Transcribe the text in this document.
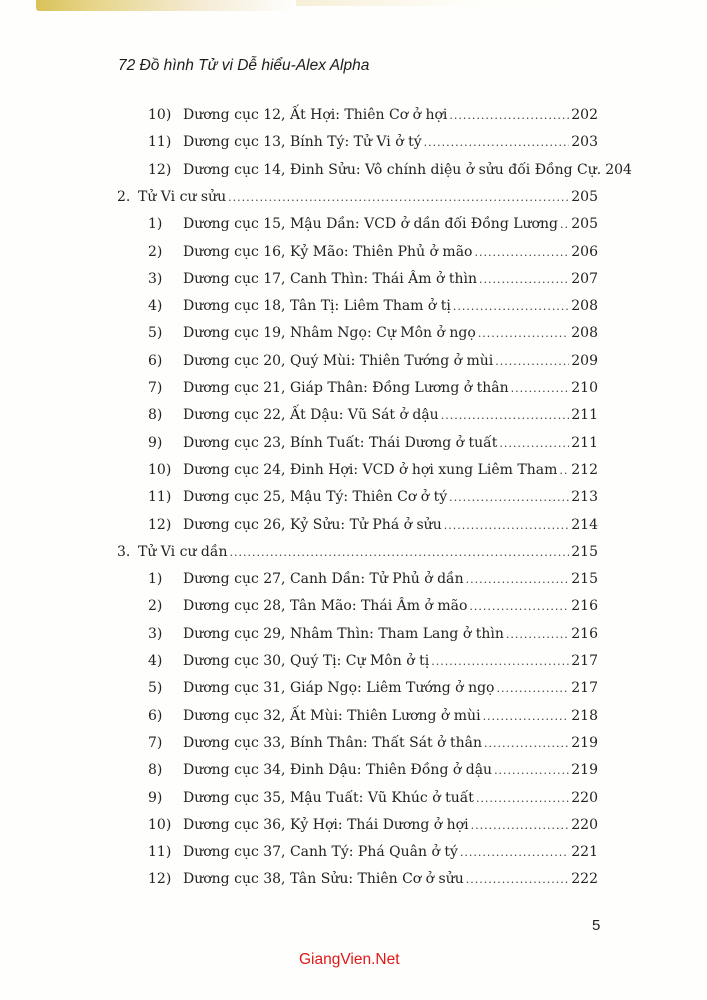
72 Đồ hình Tử vi Dễ hiểu-Alex Alpha
10) Dương cục 12, Ất Hợi: Thiên Cơ ở hợi .....	202
11) Dương cục 13, Bính Tý: Tử Vi ở tý .....	203
12) Dương cục 14, Đinh Sửu: Vô chính diệu ở sửu đối Đồng Cự. 204
2. Tử Vi cư sửu .....	205
1)	Dương cục 15, Mậu Dần: VCD ở dần đối Đồng Lương ..... 205
2)	Dương cục 16, Kỷ Mão: Thiên Phủ ở mão .....	206
3)	Dương cục 17, Canh Thìn: Thái Âm ở thìn .....	207
4)	Dương cục 18, Tân Tị: Liêm Tham ở tị .....	208
5)	Dương cục 19, Nhâm Ngọ: Cự Môn ở ngọ .....	208
6)	Dương cục 20, Quý Mùi: Thiên Tướng ở mùi .....	209
7)	Dương cục 21, Giáp Thân: Đồng Lương ở thân .....	210
8)	Dương cục 22, Ất Dậu: Vũ Sát ở dậu .....	211
9)	Dương cục 23, Bính Tuất: Thái Dương ở tuất .....	211
10) Dương cục 24, Đinh Hợi: VCD ở hợi xung Liêm Tham ..... 212
11) Dương cục 25, Mậu Tý: Thiên Cơ ở tý .....	213
12) Dương cục 26, Kỷ Sửu: Tử Phá ở sửu .....	214
3. Tử Vi cư dần .....	215
1)	Dương cục 27, Canh Dần: Tử Phủ ở dần .....	215
2)	Dương cục 28, Tân Mão: Thái Âm ở mão .....	216
3)	Dương cục 29, Nhâm Thìn: Tham Lang ở thìn .....	216
4)	Dương cục 30, Quý Tị: Cự Môn ở tị .....	217
5)	Dương cục 31, Giáp Ngọ: Liêm Tướng ở ngọ .....	217
6)	Dương cục 32, Ất Mùi: Thiên Lương ở mùi .....	218
7)	Dương cục 33, Bính Thân: Thất Sát ở thân .....	219
8)	Dương cục 34, Đinh Dậu: Thiên Đồng ở dậu .....	219
9)	Dương cục 35, Mậu Tuất: Vũ Khúc ở tuất .....	220
10) Dương cục 36, Kỷ Hợi: Thái Dương ở hợi .....	220
11) Dương cục 37, Canh Tý: Phá Quân ở tý .....	221
12) Dương cục 38, Tân Sửu: Thiên Cơ ở sửu .....	222
5
GiangVien.Net
